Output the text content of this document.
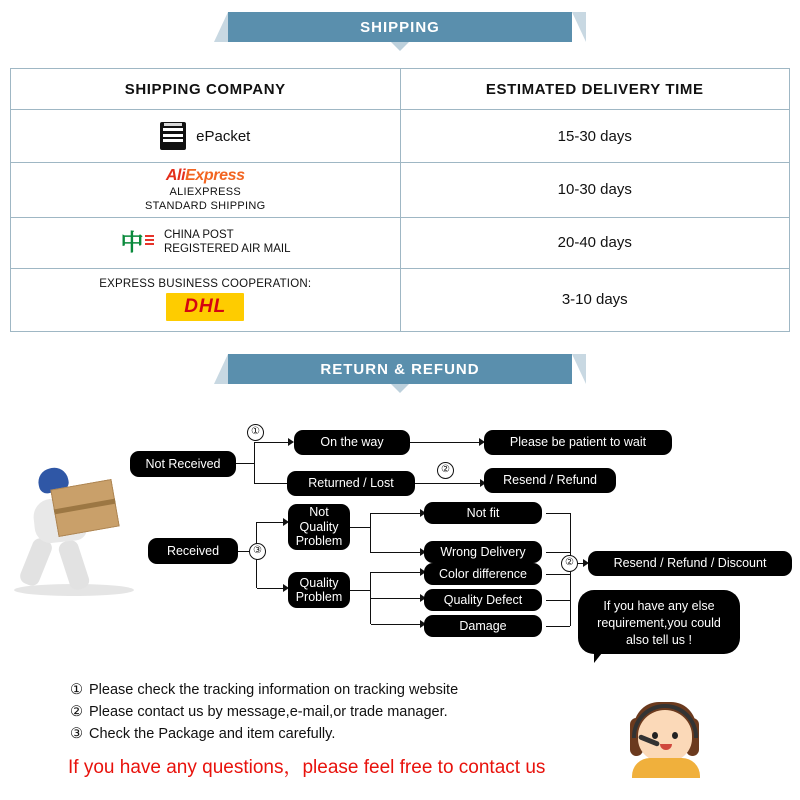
SHIPPING
SHIPPING COMPANY	ESTIMATED DELIVERY TIME

ePacket	15-30 days

AliExpress
ALIEXPRESS
STANDARD SHIPPING	10-30 days

中 CHINA POST
REGISTERED AIR MAIL	20-40 days

EXPRESS BUSINESS COOPERATION:
DHL	3-10 days
RETURN & REFUND
Not Received
①
On the way
Returned / Lost
②
Please be patient to wait
Resend / Refund
Received	③
Not
Quality
Problem
Quality
Problem
Not fit
Wrong Delivery
Color difference
Quality Defect
Damage
②	Resend / Refund / Discount
If you have any else requirement,you could also tell us !
① Please check the tracking information on tracking website
② Please contact us by message,e-mail,or trade manager.
③ Check the Package and item carefully.
If you have any questions，please feel free to contact us
